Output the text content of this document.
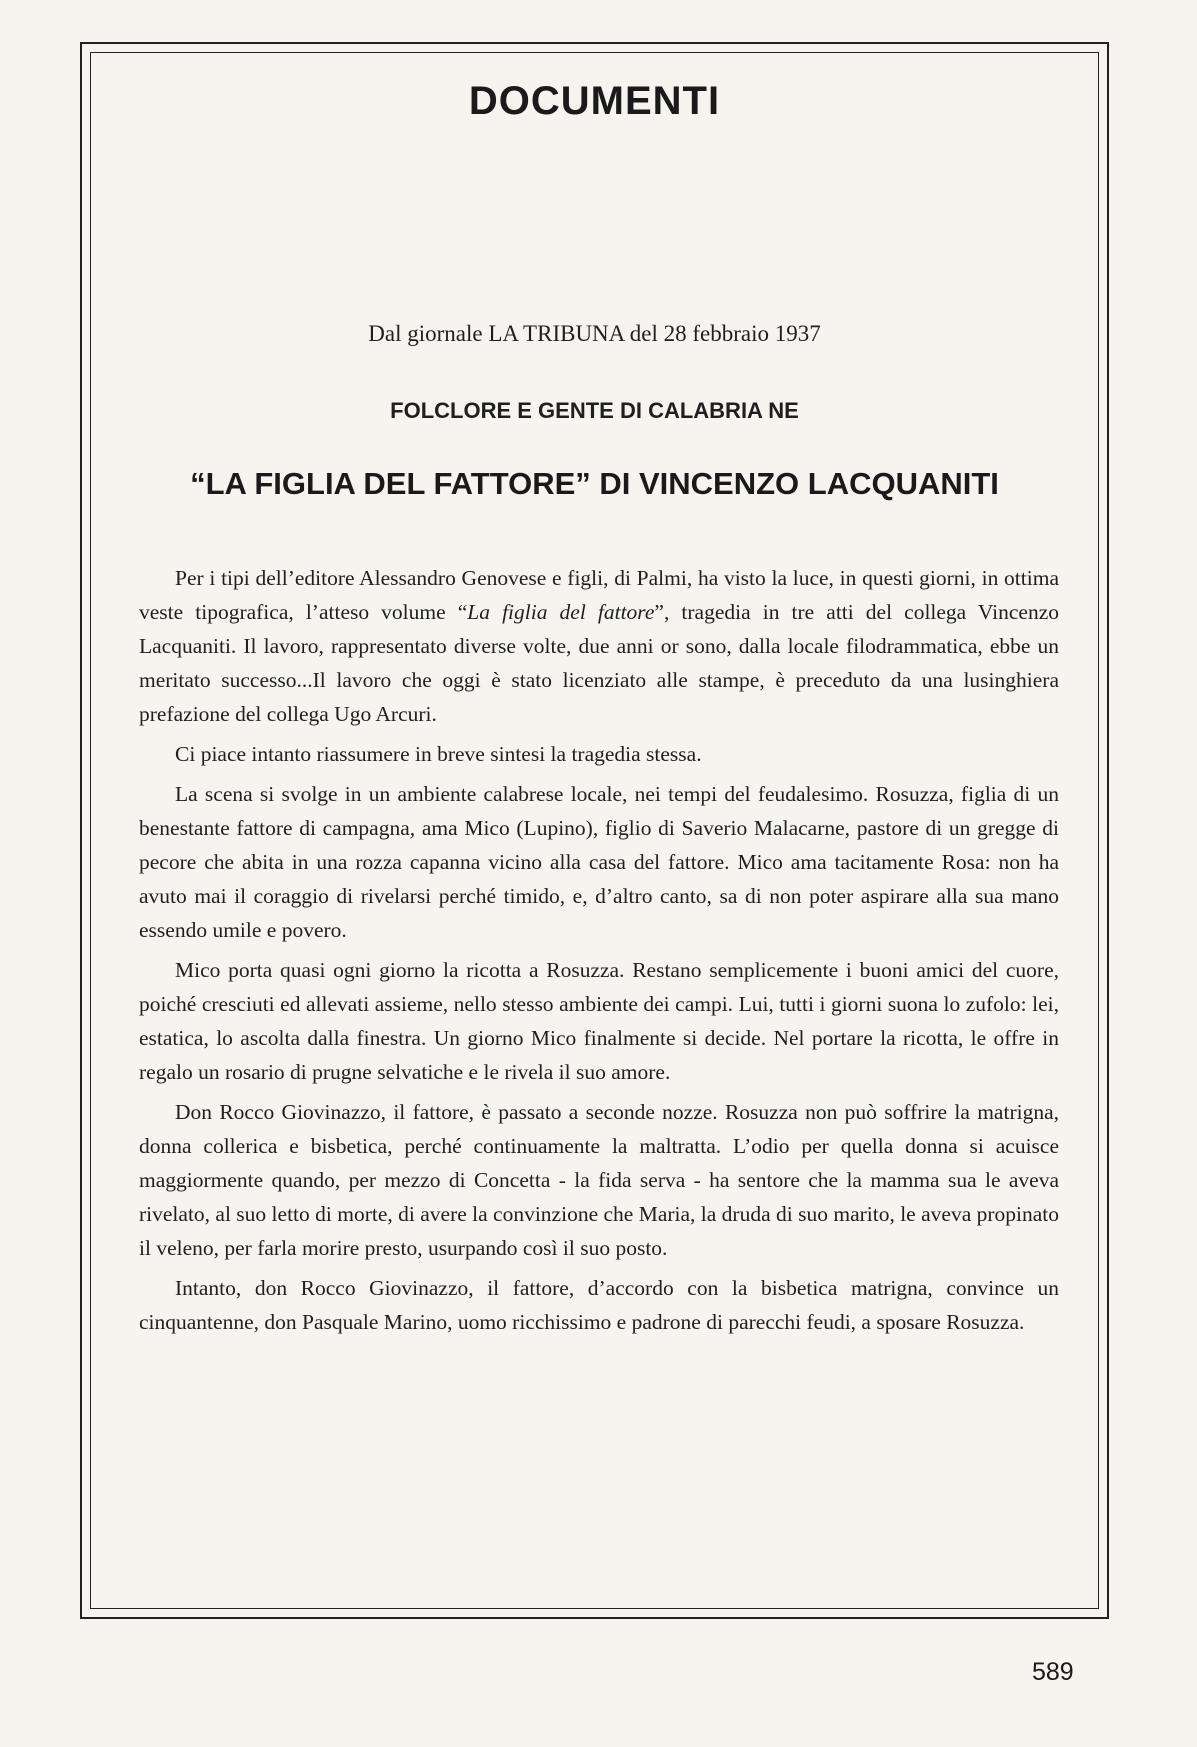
DOCUMENTI
Dal giornale LA TRIBUNA del 28 febbraio 1937
FOLCLORE E GENTE DI CALABRIA NE
“LA FIGLIA DEL FATTORE” DI VINCENZO LACQUANITI

Per i tipi dell’editore Alessandro Genovese e figli, di Palmi, ha visto la luce, in questi giorni, in ottima veste tipografica, l’atteso volume “La figlia del fattore”, tragedia in tre atti del collega Vincenzo Lacquaniti. Il lavoro, rappresentato diverse volte, due anni or sono, dalla locale filodrammatica, ebbe un meritato successo...Il lavoro che oggi è stato licenziato alle stampe, è preceduto da una lusinghiera prefazione del collega Ugo Arcuri.

Ci piace intanto riassumere in breve sintesi la tragedia stessa.

La scena si svolge in un ambiente calabrese locale, nei tempi del feudalesimo. Rosuzza, figlia di un benestante fattore di campagna, ama Mico (Lupino), figlio di Saverio Malacarne, pastore di un gregge di pecore che abita in una rozza capanna vicino alla casa del fattore. Mico ama tacitamente Rosa: non ha avuto mai il coraggio di rivelarsi perché timido, e, d’altro canto, sa di non poter aspirare alla sua mano essendo umile e povero.

Mico porta quasi ogni giorno la ricotta a Rosuzza. Restano semplicemente i buoni amici del cuore, poiché cresciuti ed allevati assieme, nello stesso ambiente dei campi. Lui, tutti i giorni suona lo zufolo: lei, estatica, lo ascolta dalla finestra. Un giorno Mico finalmente si decide. Nel portare la ricotta, le offre in regalo un rosario di prugne selvatiche e le rivela il suo amore.

Don Rocco Giovinazzo, il fattore, è passato a seconde nozze. Rosuzza non può soffrire la matrigna, donna collerica e bisbetica, perché continuamente la maltratta. L’odio per quella donna si acuisce maggiormente quando, per mezzo di Concetta - la fida serva - ha sentore che la mamma sua le aveva rivelato, al suo letto di morte, di avere la convinzione che Maria, la druda di suo marito, le aveva propinato il veleno, per farla morire presto, usurpando così il suo posto.

Intanto, don Rocco Giovinazzo, il fattore, d’accordo con la bisbetica matrigna, convince un cinquantenne, don Pasquale Marino, uomo ricchissimo e padrone di parecchi feudi, a sposare Rosuzza.

589
